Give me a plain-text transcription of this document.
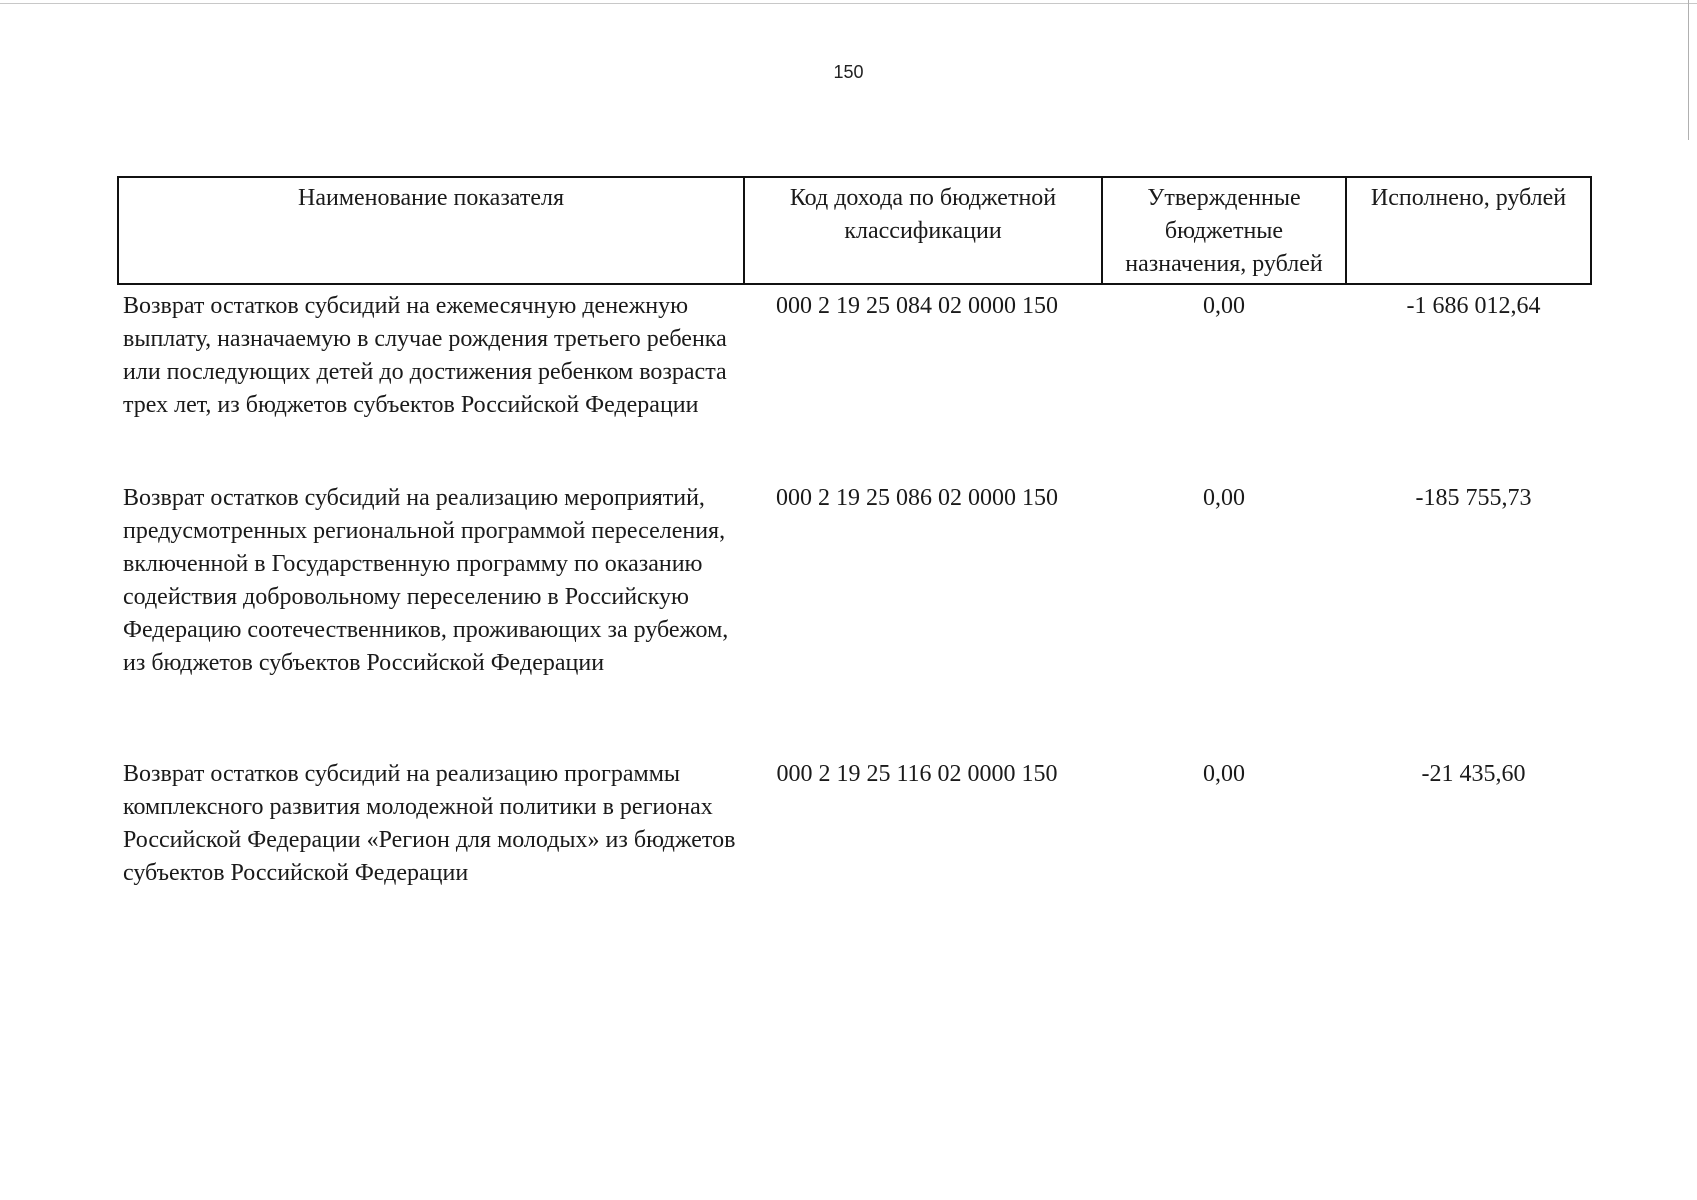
150
Наименование показателя	Код дохода по бюджетной классификации	Утвержденные бюджетные назначения, рублей	Исполнено, рублей
Возврат остатков субсидий на ежемесячную денежную выплату, назначаемую в случае рождения третьего ребенка или последующих детей до достижения ребенком возраста трех лет, из бюджетов субъектов Российской Федерации	000 2 19 25 084 02 0000 150	0,00	-1 686 012,64
Возврат остатков субсидий на реализацию мероприятий, предусмотренных региональной программой переселения, включенной в Государственную программу по оказанию содействия добровольному переселению в Российскую Федерацию соотечественников, проживающих за рубежом, из бюджетов субъектов Российской Федерации	000 2 19 25 086 02 0000 150	0,00	-185 755,73
Возврат остатков субсидий на реализацию программы комплексного развития молодежной политики в регионах Российской Федерации «Регион для молодых» из бюджетов субъектов Российской Федерации	000 2 19 25 116 02 0000 150	0,00	-21 435,60
